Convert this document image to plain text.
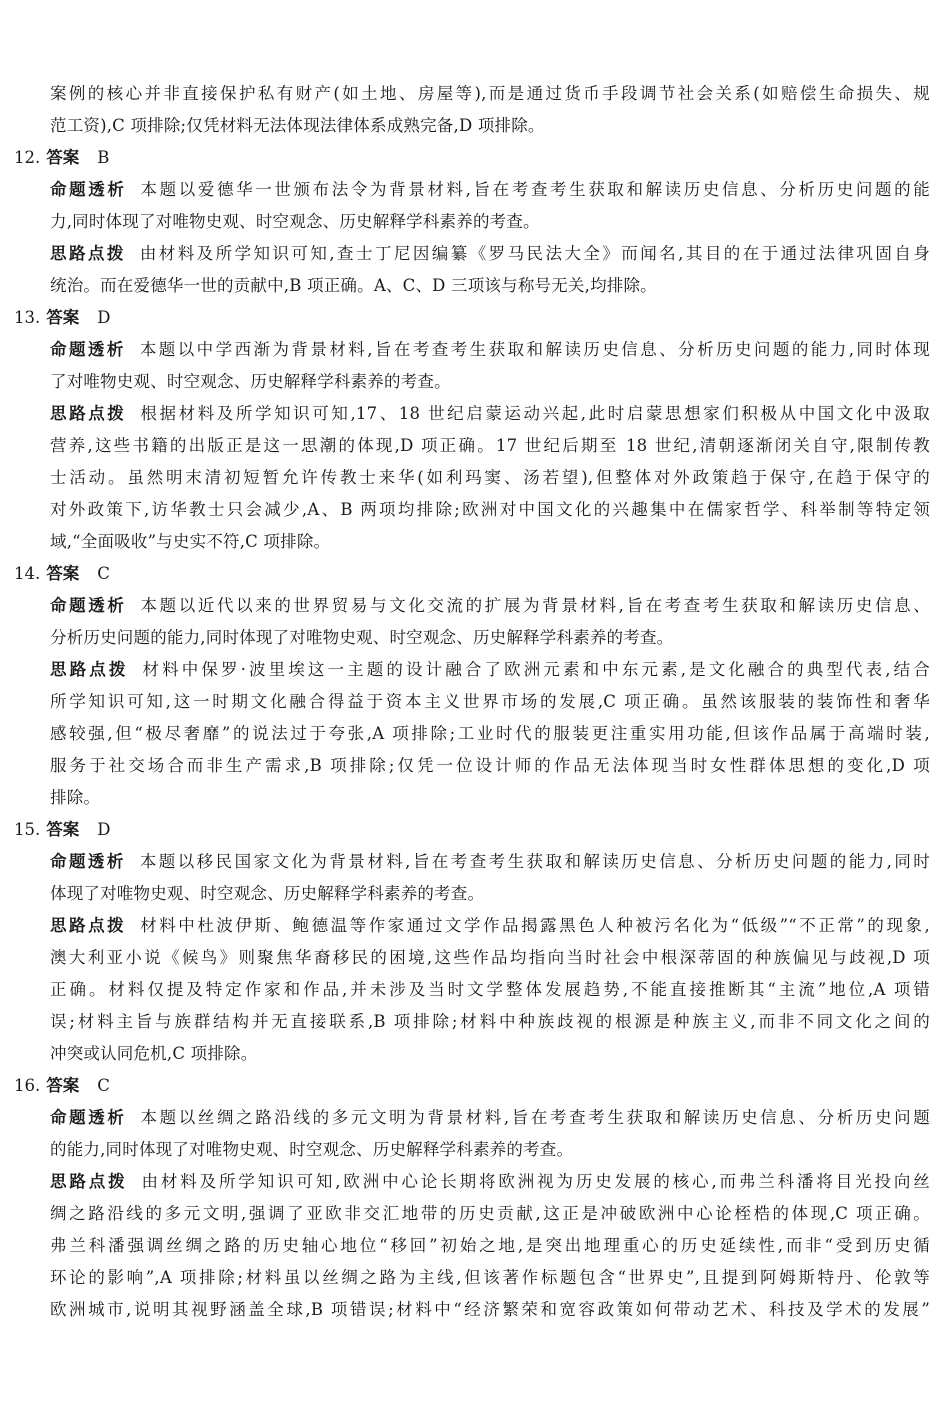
案例的核心并非直接保护私有财产(如土地、房屋等),而是通过货币手段调节社会关系(如赔偿生命损失、规
范工资),C 项排除;仅凭材料无法体现法律体系成熟完备,D 项排除。
12. 答案 B
命题透析 本题以爱德华一世颁布法令为背景材料,旨在考查考生获取和解读历史信息、分析历史问题的能
力,同时体现了对唯物史观、时空观念、历史解释学科素养的考查。
思路点拨 由材料及所学知识可知,查士丁尼因编纂《罗马民法大全》而闻名,其目的在于通过法律巩固自身
统治。而在爱德华一世的贡献中,B 项正确。A、C、D 三项该与称号无关,均排除。
13. 答案 D
命题透析 本题以中学西渐为背景材料,旨在考查考生获取和解读历史信息、分析历史问题的能力,同时体现
了对唯物史观、时空观念、历史解释学科素养的考查。
思路点拨 根据材料及所学知识可知,17、18 世纪启蒙运动兴起,此时启蒙思想家们积极从中国文化中汲取
营养,这些书籍的出版正是这一思潮的体现,D 项正确。17 世纪后期至 18 世纪,清朝逐渐闭关自守,限制传教
士活动。虽然明末清初短暂允许传教士来华(如利玛窦、汤若望),但整体对外政策趋于保守,在趋于保守的
对外政策下,访华教士只会减少,A、B 两项均排除;欧洲对中国文化的兴趣集中在儒家哲学、科举制等特定领
域,“全面吸收”与史实不符,C 项排除。
14. 答案 C
命题透析 本题以近代以来的世界贸易与文化交流的扩展为背景材料,旨在考查考生获取和解读历史信息、
分析历史问题的能力,同时体现了对唯物史观、时空观念、历史解释学科素养的考查。
思路点拨 材料中保罗·波里埃这一主题的设计融合了欧洲元素和中东元素,是文化融合的典型代表,结合
所学知识可知,这一时期文化融合得益于资本主义世界市场的发展,C 项正确。虽然该服装的装饰性和奢华
感较强,但“极尽奢靡”的说法过于夸张,A 项排除;工业时代的服装更注重实用功能,但该作品属于高端时装,
服务于社交场合而非生产需求,B 项排除;仅凭一位设计师的作品无法体现当时女性群体思想的变化,D 项
排除。
15. 答案 D
命题透析 本题以移民国家文化为背景材料,旨在考查考生获取和解读历史信息、分析历史问题的能力,同时
体现了对唯物史观、时空观念、历史解释学科素养的考查。
思路点拨 材料中杜波伊斯、鲍德温等作家通过文学作品揭露黑色人种被污名化为“低级”“不正常”的现象,
澳大利亚小说《候鸟》则聚焦华裔移民的困境,这些作品均指向当时社会中根深蒂固的种族偏见与歧视,D 项
正确。材料仅提及特定作家和作品,并未涉及当时文学整体发展趋势,不能直接推断其“主流”地位,A 项错
误;材料主旨与族群结构并无直接联系,B 项排除;材料中种族歧视的根源是种族主义,而非不同文化之间的
冲突或认同危机,C 项排除。
16. 答案 C
命题透析 本题以丝绸之路沿线的多元文明为背景材料,旨在考查考生获取和解读历史信息、分析历史问题
的能力,同时体现了对唯物史观、时空观念、历史解释学科素养的考查。
思路点拨 由材料及所学知识可知,欧洲中心论长期将欧洲视为历史发展的核心,而弗兰科潘将目光投向丝
绸之路沿线的多元文明,强调了亚欧非交汇地带的历史贡献,这正是冲破欧洲中心论桎梏的体现,C 项正确。
弗兰科潘强调丝绸之路的历史轴心地位“移回”初始之地,是突出地理重心的历史延续性,而非“受到历史循
环论的影响”,A 项排除;材料虽以丝绸之路为主线,但该著作标题包含“世界史”,且提到阿姆斯特丹、伦敦等
欧洲城市,说明其视野涵盖全球,B 项错误;材料中“经济繁荣和宽容政策如何带动艺术、科技及学术的发展”
